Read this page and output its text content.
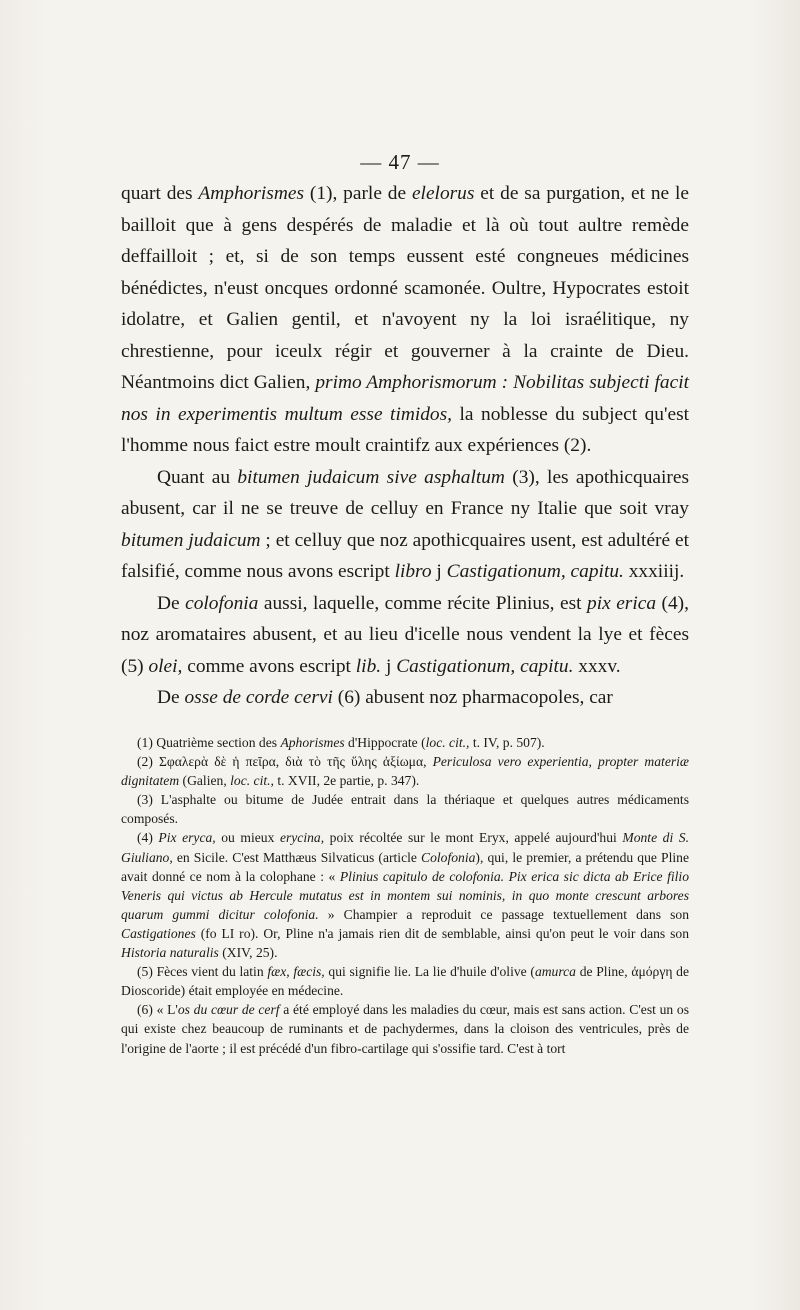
— 47 —

quart des Amphorismes (1), parle de elelorus et de sa purgation, et ne le bailloit que à gens despérés de maladie et là où tout aultre remède deffailloit ; et, si de son temps eussent esté congneues médicines bénédictes, n'eust oncques ordonné scamonée. Oultre, Hypocrates estoit idolatre, et Galien gentil, et n'avoyent ny la loi israélitique, ny chrestienne, pour iceulx régir et gouverner à la crainte de Dieu. Néantmoins dict Galien, primo Amphorismorum : Nobilitas subjecti facit nos in experimentis multum esse timidos, la noblesse du subject qu'est l'homme nous faict estre moult craintifz aux expériences (2).

Quant au bitumen judaicum sive asphaltum (3), les apothicquaires abusent, car il ne se treuve de celluy en France ny Italie que soit vray bitumen judaicum ; et celluy que noz apothicquaires usent, est adultéré et falsifié, comme nous avons escript libro j Castigationum, capitu. xxxiiij.

De colofonia aussi, laquelle, comme récite Plinius, est pix erica (4), noz aromataires abusent, et au lieu d'icelle nous vendent la lye et fèces (5) olei, comme avons escript lib. j Castigationum, capitu. xxxv.

De osse de corde cervi (6) abusent noz pharmacopoles, car

(1) Quatrième section des Aphorismes d'Hippocrate (loc. cit., t. IV, p. 507).

(2) Σφαλερὰ δὲ ἡ πεῖρα, διὰ τὸ τῆς ὕλης ἀξίωμα, Periculosa vero experientia, propter materiæ dignitatem (Galien, loc. cit., t. XVII, 2e partie, p. 347).

(3) L'asphalte ou bitume de Judée entrait dans la thériaque et quelques autres médicaments composés.

(4) Pix eryca, ou mieux erycina, poix récoltée sur le mont Eryx, appelé aujourd'hui Monte di S. Giuliano, en Sicile. C'est Matthæus Silvaticus (article Colofonia), qui, le premier, a prétendu que Pline avait donné ce nom à la colophane : « Plinius capitulo de colofonia. Pix erica sic dicta ab Erice filio Veneris qui victus ab Hercule mutatus est in montem sui nominis, in quo monte crescunt arbores quarum gummi dicitur colofonia. » Champier a reproduit ce passage textuellement dans son Castigationes (fo LI ro). Or, Pline n'a jamais rien dit de semblable, ainsi qu'on peut le voir dans son Historia naturalis (XIV, 25).

(5) Fèces vient du latin fæx, fæcis, qui signifie lie. La lie d'huile d'olive (amurca de Pline, ἀμόργη de Dioscoride) était employée en médecine.

(6) « L'os du cœur de cerf a été employé dans les maladies du cœur, mais est sans action. C'est un os qui existe chez beaucoup de ruminants et de pachydermes, dans la cloison des ventricules, près de l'origine de l'aorte ; il est précédé d'un fibro-cartilage qui s'ossifie tard. C'est à tort
